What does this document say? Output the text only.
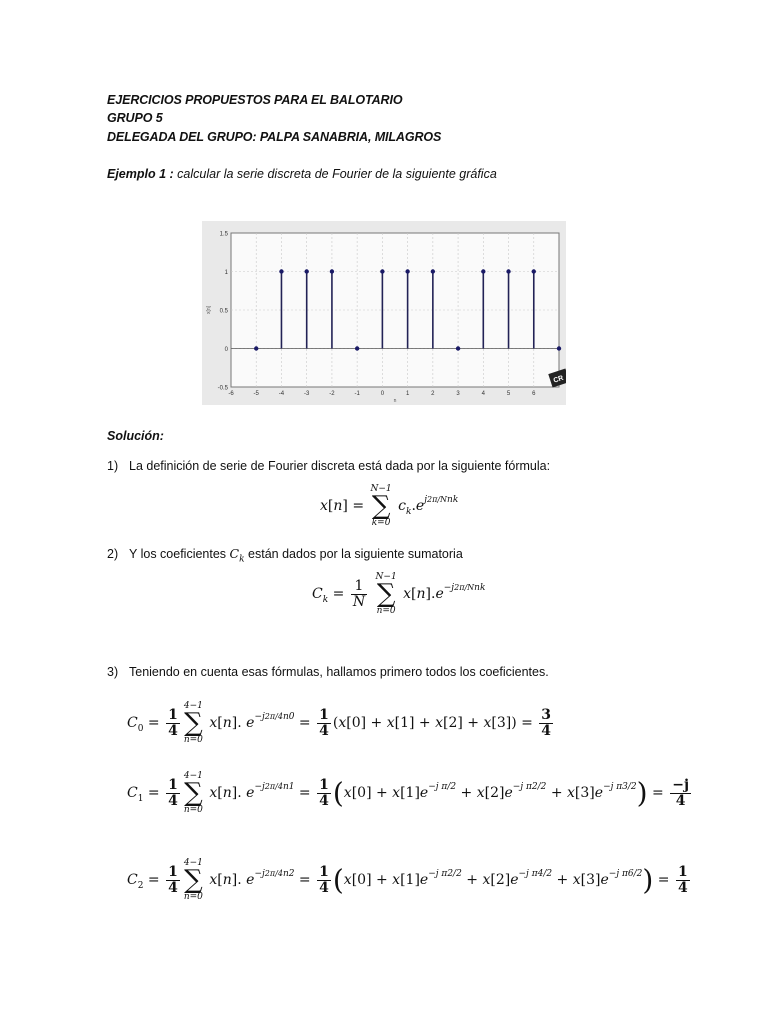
EJERCICIOS PROPUESTOS PARA EL BALOTARIO
GRUPO 5
DELEGADA DEL GRUPO: PALPA SANABRIA, MILAGROS
Ejemplo 1 : calcular la serie discreta de Fourier de la siguiente gráfica
-0.5
0
0.5
1
1.5
-6	-5	-4	-3	-2	-1	0	1	2	3	4	5	6
x[n]
n
CR
Solución:
1) La definición de serie de Fourier discreta está dada por la siguiente fórmula:
x[n] =
N−1
∑
k=0
$c_k.e^{j2\pi/Nnk}$
2) Y los coeficientes $C_k$ están dados por la siguiente sumatoria
$C_k = \frac{1}{N}$

N−1
∑
n=0
$x[n].e^{-j2\pi/Nnk}$
3) Teniendo en cuenta esas fórmulas, hallamos primero todos los coeficientes.
$C_0 = \frac{1}{4}$
4−1
∑
n=0
x[n]. $e^{-j2\pi/4n0} = \frac{1}{4} (x[0] + x[1] + x[2] + x[3]) = \frac{3}{4}$
$C_1 = \frac{1}{4}$
4−1
∑
n=0
x[n]. $e^{-j2\pi/4n1} = \frac{1}{4} (x[0] + x[1]e^{-j \pi/2} + x[2]e^{-j \pi 2/2} + x[3]e^{-j \pi 3/2}) = \frac{-j}{4}$
$C_2 = \frac{1}{4}$
4−1
∑
n=0
x[n]. $e^{-j2\pi/4n2} = \frac{1}{4} (x[0] + x[1]e^{-j \pi 2/2} + x[2]e^{-j \pi 4/2} + x[3]e^{-j \pi 6/2}) = \frac{1}{4}$
